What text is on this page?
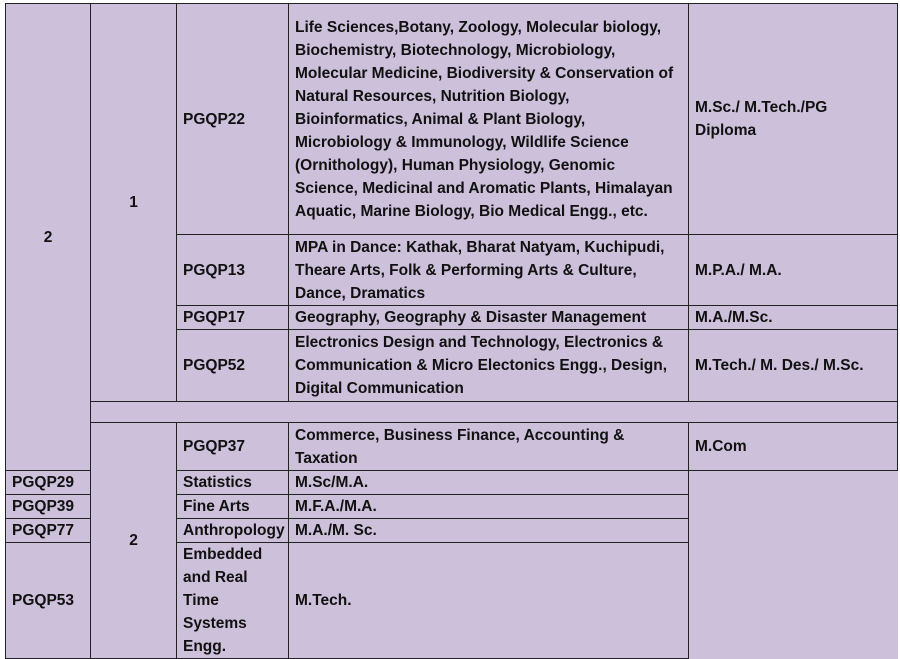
2	1	PGQP22	Life Sciences,Botany, Zoology, Molecular biology, Biochemistry, Biotechnology, Microbiology, Molecular Medicine, Biodiversity & Conservation of Natural Resources, Nutrition Biology, Bioinformatics, Animal & Plant Biology, Microbiology & Immunology, Wildlife Science (Ornithology), Human Physiology, Genomic Science, Medicinal and Aromatic Plants, Himalayan Aquatic, Marine Biology, Bio Medical Engg., etc.	M.Sc./ M.Tech./PG Diploma
		PGQP13	MPA in Dance: Kathak, Bharat Natyam, Kuchipudi, Theare Arts, Folk & Performing Arts & Culture, Dance, Dramatics	M.P.A./ M.A.
		PGQP17	Geography, Geography & Disaster Management	M.A./M.Sc.
		PGQP52	Electronics Design and Technology, Electronics & Communication & Micro Electonics Engg., Design, Digital Communication	M.Tech./ M. Des./ M.Sc.

	2	PGQP37	Commerce, Business Finance, Accounting & Taxation	M.Com
PGQP29		Statistics	M.Sc/M.A.	
PGQP39		Fine Arts	M.F.A./M.A.	
PGQP77		Anthropology	M.A./M. Sc.	
PGQP53		Embedded and Real Time Systems Engg.	M.Tech.	
